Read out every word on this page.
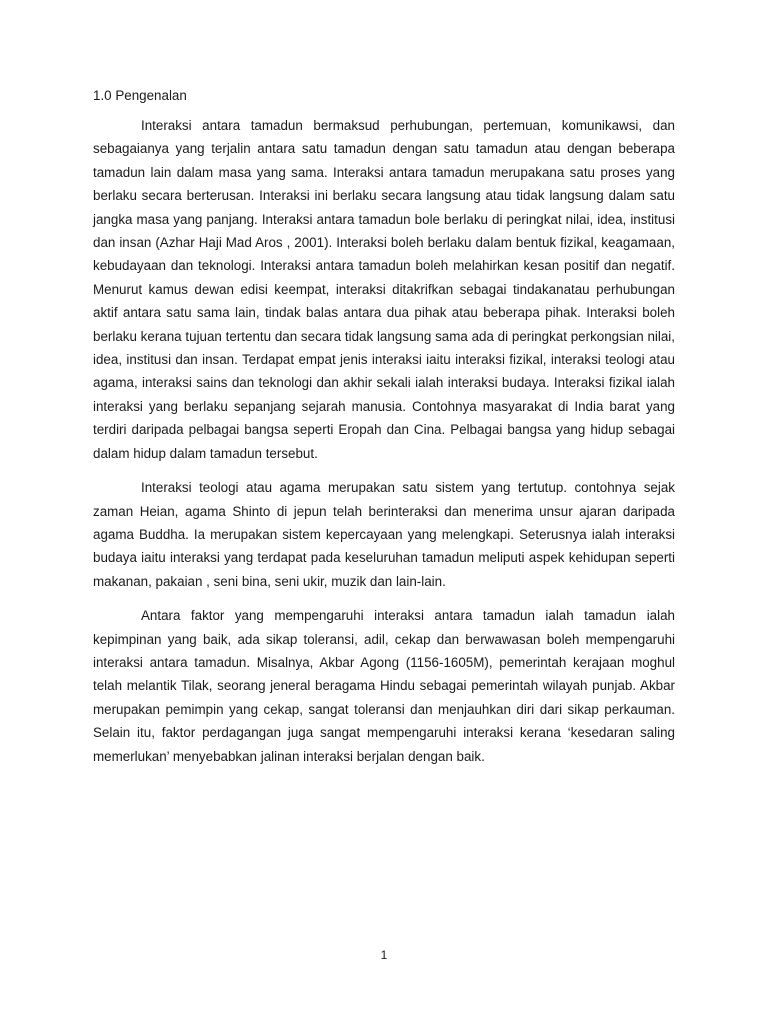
1.0 Pengenalan

Interaksi antara tamadun bermaksud perhubungan, pertemuan, komunikawsi, dan sebagaianya yang terjalin antara satu tamadun dengan satu tamadun atau dengan beberapa tamadun lain dalam masa yang sama. Interaksi antara tamadun merupakana satu proses yang berlaku secara berterusan. Interaksi ini berlaku secara langsung atau tidak langsung dalam satu jangka masa yang panjang. Interaksi antara tamadun bole berlaku di peringkat nilai, idea, institusi dan insan (Azhar Haji Mad Aros , 2001). Interaksi boleh berlaku dalam bentuk fizikal, keagamaan, kebudayaan dan teknologi. Interaksi antara tamadun boleh melahirkan kesan positif dan negatif. Menurut kamus dewan edisi keempat, interaksi ditakrifkan sebagai tindakanatau perhubungan aktif antara satu sama lain, tindak balas antara dua pihak atau beberapa pihak. Interaksi boleh berlaku kerana tujuan tertentu dan secara tidak langsung sama ada di peringkat perkongsian nilai, idea, institusi dan insan. Terdapat empat jenis interaksi iaitu interaksi fizikal, interaksi teologi atau agama, interaksi sains dan teknologi dan akhir sekali ialah interaksi budaya. Interaksi fizikal ialah interaksi yang berlaku sepanjang sejarah manusia. Contohnya masyarakat di India barat yang terdiri daripada pelbagai bangsa seperti Eropah dan Cina. Pelbagai bangsa yang hidup sebagai dalam hidup dalam tamadun tersebut.

Interaksi teologi atau agama merupakan satu sistem yang tertutup. contohnya sejak zaman Heian, agama Shinto di jepun telah berinteraksi dan menerima unsur ajaran daripada agama Buddha. Ia merupakan sistem kepercayaan yang melengkapi. Seterusnya ialah interaksi budaya iaitu interaksi yang terdapat pada keseluruhan tamadun meliputi aspek kehidupan seperti makanan, pakaian , seni bina, seni ukir, muzik dan lain-lain.

Antara faktor yang mempengaruhi interaksi antara tamadun ialah tamadun ialah kepimpinan yang baik, ada sikap toleransi, adil, cekap dan berwawasan boleh mempengaruhi interaksi antara tamadun. Misalnya, Akbar Agong (1156-1605M), pemerintah kerajaan moghul telah melantik Tilak, seorang jeneral beragama Hindu sebagai pemerintah wilayah punjab. Akbar merupakan pemimpin yang cekap, sangat toleransi dan menjauhkan diri dari sikap perkauman. Selain itu, faktor perdagangan juga sangat mempengaruhi interaksi kerana ‘kesedaran saling memerlukan’ menyebabkan jalinan interaksi berjalan dengan baik.

1
